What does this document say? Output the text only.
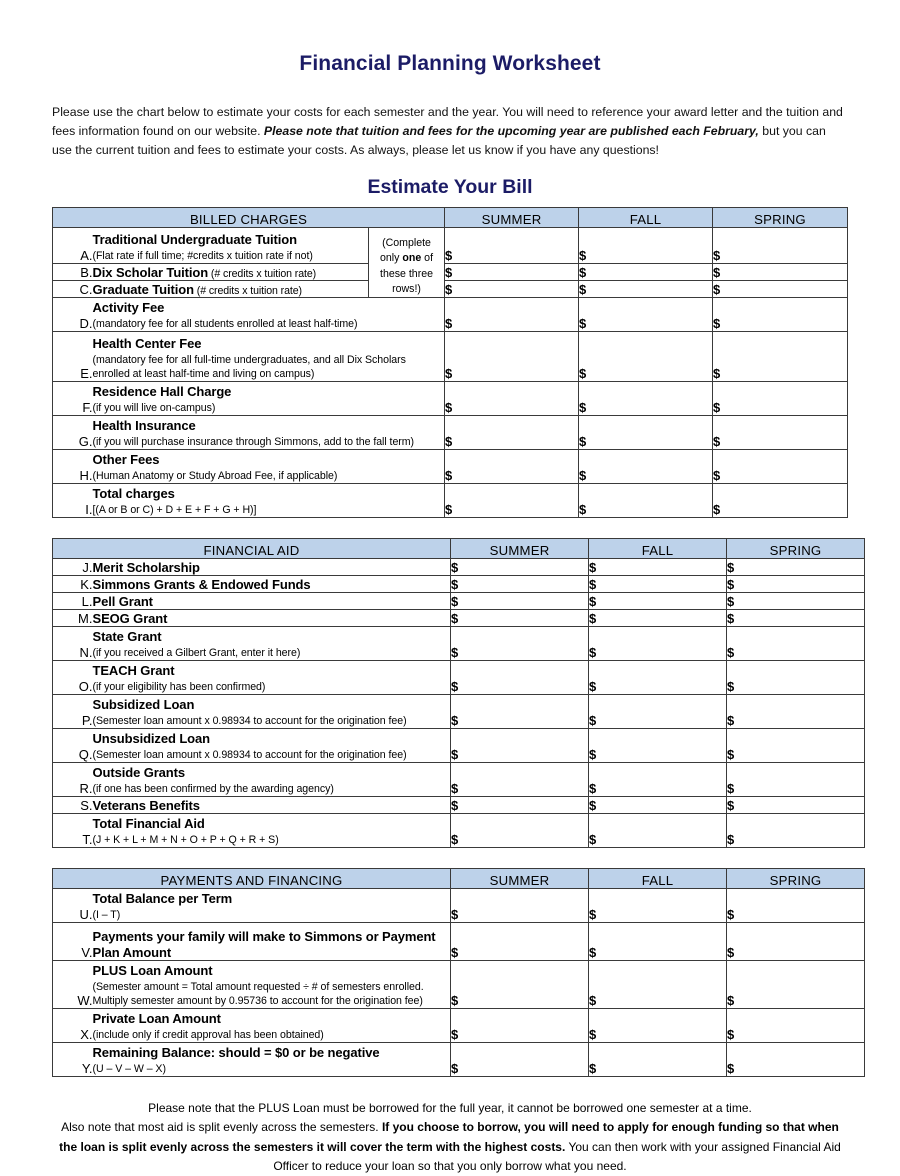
Financial Planning Worksheet

Please use the chart below to estimate your costs for each semester and the year. You will need to reference your award letter and the tuition and fees information found on our website. Please note that tuition and fees for the upcoming year are published each February, but you can use the current tuition and fees to estimate your costs. As always, please let us know if you have any questions!

Estimate Your Bill
BILLED CHARGES			SUMMER	FALL	SPRING
A.	Traditional Undergraduate Tuition
(Flat rate if full time; #credits x tuition rate if not)	(Complete
only one of
these three
rows!)	$	$	$
B.	Dix Scholar Tuition (# credits x tuition rate)		$	$	$
C.	Graduate Tuition (# credits x tuition rate)		$	$	$
D.	Activity Fee
(mandatory fee for all students enrolled at least half-time)		$	$	$
E.	Health Center Fee
(mandatory fee for all full-time undergraduates, and all Dix Scholars enrolled at least half-time and living on campus)		$	$	$
F.	Residence Hall Charge
(if you will live on-campus)		$	$	$
G.	Health Insurance
(if you will purchase insurance through Simmons, add to the fall term)		$	$	$
H.	Other Fees
(Human Anatomy or Study Abroad Fee, if applicable)		$	$	$
I.	Total charges
[(A or B or C) + D + E + F + G + H)]		$	$	$
FINANCIAL AID		SUMMER	FALL	SPRING
J.	Merit Scholarship	$	$	$
K.	Simmons Grants & Endowed Funds	$	$	$
L.	Pell Grant	$	$	$
M.	SEOG Grant	$	$	$
N.	State Grant
(if you received a Gilbert Grant, enter it here)	$	$	$
O.	TEACH Grant
(if your eligibility has been confirmed)	$	$	$
P.	Subsidized Loan
(Semester loan amount x 0.98934 to account for the origination fee)	$	$	$
Q.	Unsubsidized Loan
(Semester loan amount x 0.98934 to account for the origination fee)	$	$	$
R.	Outside Grants
(if one has been confirmed by the awarding agency)	$	$	$
S.	Veterans Benefits	$	$	$
T.	Total Financial Aid
(J + K + L + M + N + O + P + Q + R + S)	$	$	$
PAYMENTS AND FINANCING		SUMMER	FALL	SPRING
U.	Total Balance per Term
(I – T)	$	$	$
V.	Payments your family will make to Simmons or Payment Plan Amount	$	$	$
W.	PLUS Loan Amount
(Semester amount = Total amount requested ÷ # of semesters enrolled. Multiply semester amount by 0.95736 to account for the origination fee)	$	$	$
X.	Private Loan Amount
(include only if credit approval has been obtained)	$	$	$
Y.	Remaining Balance: should = $0 or be negative
(U – V – W – X)	$	$	$
Please note that the PLUS Loan must be borrowed for the full year, it cannot be borrowed one semester at a time.
Also note that most aid is split evenly across the semesters. If you choose to borrow, you will need to apply for enough funding so that when the loan is split evenly across the semesters it will cover the term with the highest costs. You can then work with your assigned Financial Aid Officer to reduce your loan so that you only borrow what you need.
